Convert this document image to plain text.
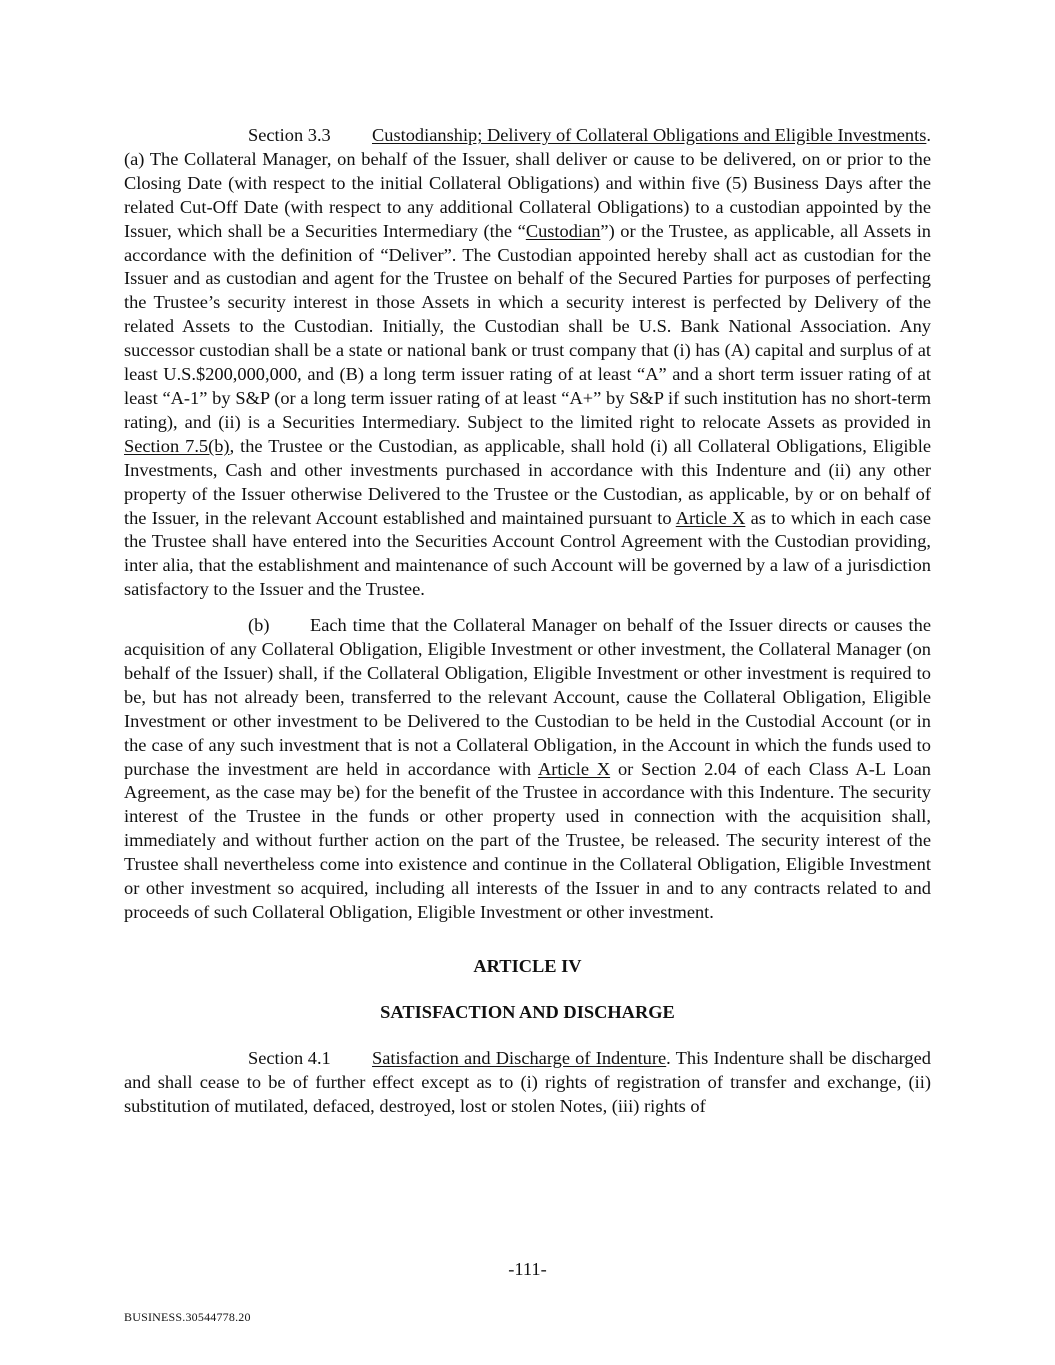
Section 3.3 Custodianship; Delivery of Collateral Obligations and Eligible Investments. (a) The Collateral Manager, on behalf of the Issuer, shall deliver or cause to be delivered, on or prior to the Closing Date (with respect to the initial Collateral Obligations) and within five (5) Business Days after the related Cut-Off Date (with respect to any additional Collateral Obligations) to a custodian appointed by the Issuer, which shall be a Securities Intermediary (the “Custodian”) or the Trustee, as applicable, all Assets in accordance with the definition of “Deliver”. The Custodian appointed hereby shall act as custodian for the Issuer and as custodian and agent for the Trustee on behalf of the Secured Parties for purposes of perfecting the Trustee’s security interest in those Assets in which a security interest is perfected by Delivery of the related Assets to the Custodian. Initially, the Custodian shall be U.S. Bank National Association. Any successor custodian shall be a state or national bank or trust company that (i) has (A) capital and surplus of at least U.S.$200,000,000, and (B) a long term issuer rating of at least “A” and a short term issuer rating of at least “A-1” by S&P (or a long term issuer rating of at least “A+” by S&P if such institution has no short-term rating), and (ii) is a Securities Intermediary. Subject to the limited right to relocate Assets as provided in Section 7.5(b), the Trustee or the Custodian, as applicable, shall hold (i) all Collateral Obligations, Eligible Investments, Cash and other investments purchased in accordance with this Indenture and (ii) any other property of the Issuer otherwise Delivered to the Trustee or the Custodian, as applicable, by or on behalf of the Issuer, in the relevant Account established and maintained pursuant to Article X as to which in each case the Trustee shall have entered into the Securities Account Control Agreement with the Custodian providing, inter alia, that the establishment and maintenance of such Account will be governed by a law of a jurisdiction satisfactory to the Issuer and the Trustee.

(b) Each time that the Collateral Manager on behalf of the Issuer directs or causes the acquisition of any Collateral Obligation, Eligible Investment or other investment, the Collateral Manager (on behalf of the Issuer) shall, if the Collateral Obligation, Eligible Investment or other investment is required to be, but has not already been, transferred to the relevant Account, cause the Collateral Obligation, Eligible Investment or other investment to be Delivered to the Custodian to be held in the Custodial Account (or in the case of any such investment that is not a Collateral Obligation, in the Account in which the funds used to purchase the investment are held in accordance with Article X or Section 2.04 of each Class A-L Loan Agreement, as the case may be) for the benefit of the Trustee in accordance with this Indenture. The security interest of the Trustee in the funds or other property used in connection with the acquisition shall, immediately and without further action on the part of the Trustee, be released. The security interest of the Trustee shall nevertheless come into existence and continue in the Collateral Obligation, Eligible Investment or other investment so acquired, including all interests of the Issuer in and to any contracts related to and proceeds of such Collateral Obligation, Eligible Investment or other investment.

ARTICLE IV

SATISFACTION AND DISCHARGE

Section 4.1 Satisfaction and Discharge of Indenture. This Indenture shall be discharged and shall cease to be of further effect except as to (i) rights of registration of transfer and exchange, (ii) substitution of mutilated, defaced, destroyed, lost or stolen Notes, (iii) rights of

-111-
BUSINESS.30544778.20
